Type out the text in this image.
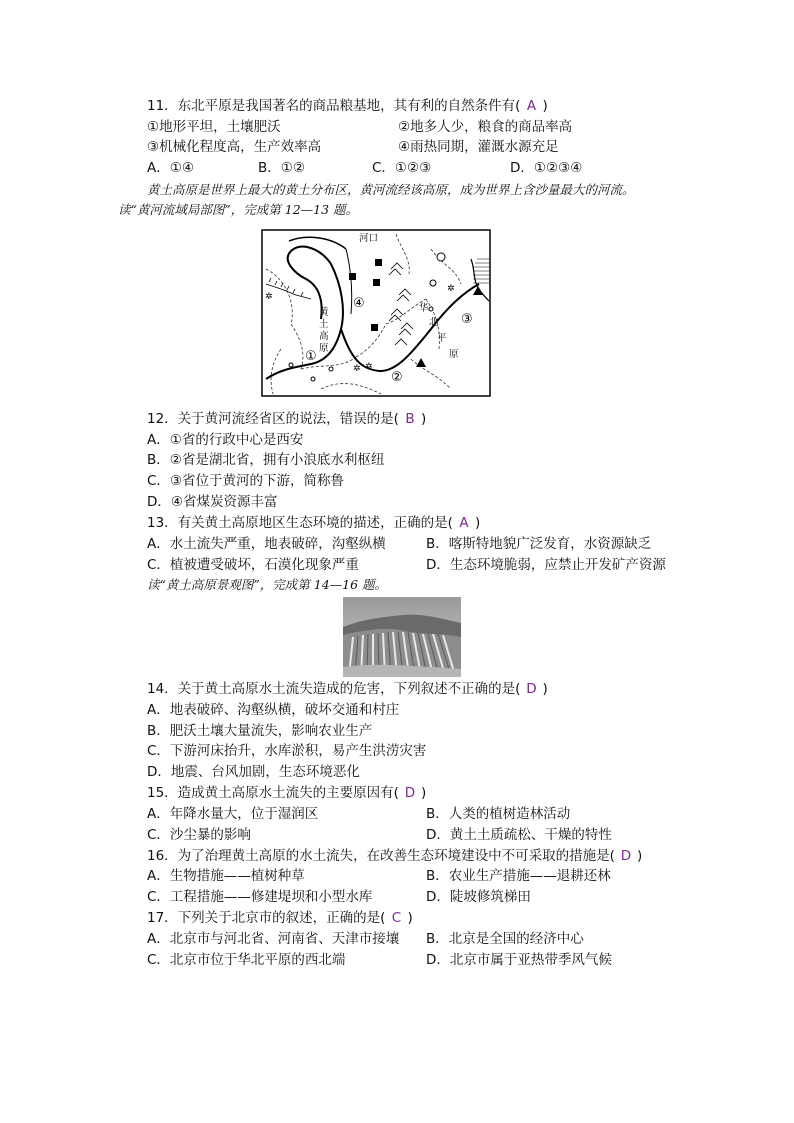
11．东北平原是我国著名的商品粮基地，其有利的自然条件有( A )
①地形平坦，土壤肥沃	②地多人少，粮食的商品率高
③机械化程度高，生产效率高	④雨热同期，灌溉水源充足
A．①④	B．①②	C．①②③	D．①②③④
黄土高原是世界上最大的黄土分布区，黄河流经该高原，成为世界上含沙量最大的河流。
读“黄河流域局部图”，完成第 12—13 题。
✲
✲ ✲
✲
河口
黄
土
高
原
华
北
平
原
①
②
③
④
12．关于黄河流经省区的说法，错误的是( B )
A．①省的行政中心是西安
B．②省是湖北省，拥有小浪底水利枢纽
C．③省位于黄河的下游，简称鲁
D．④省煤炭资源丰富
13．有关黄土高原地区生态环境的描述，正确的是( A )
A．水土流失严重，地表破碎，沟壑纵横	B．喀斯特地貌广泛发育，水资源缺乏
C．植被遭受破坏，石漠化现象严重	D．生态环境脆弱，应禁止开发矿产资源
读“黄土高原景观图”，完成第 14—16 题。
14．关于黄土高原水土流失造成的危害，下列叙述不正确的是( D )
A．地表破碎、沟壑纵横，破坏交通和村庄
B．肥沃土壤大量流失，影响农业生产
C．下游河床抬升，水库淤积，易产生洪涝灾害
D．地震、台风加剧，生态环境恶化
15．造成黄土高原水土流失的主要原因有( D )
A．年降水量大，位于湿润区	B．人类的植树造林活动
C．沙尘暴的影响	D．黄土土质疏松、干燥的特性
16．为了治理黄土高原的水土流失，在改善生态环境建设中不可采取的措施是( D )
A．生物措施——植树种草	B．农业生产措施——退耕还林
C．工程措施——修建堤坝和小型水库	D．陡坡修筑梯田
17．下列关于北京市的叙述，正确的是( C )
A．北京市与河北省、河南省、天津市接壤 B．北京是全国的经济中心
C．北京市位于华北平原的西北端	D．北京市属于亚热带季风气候
